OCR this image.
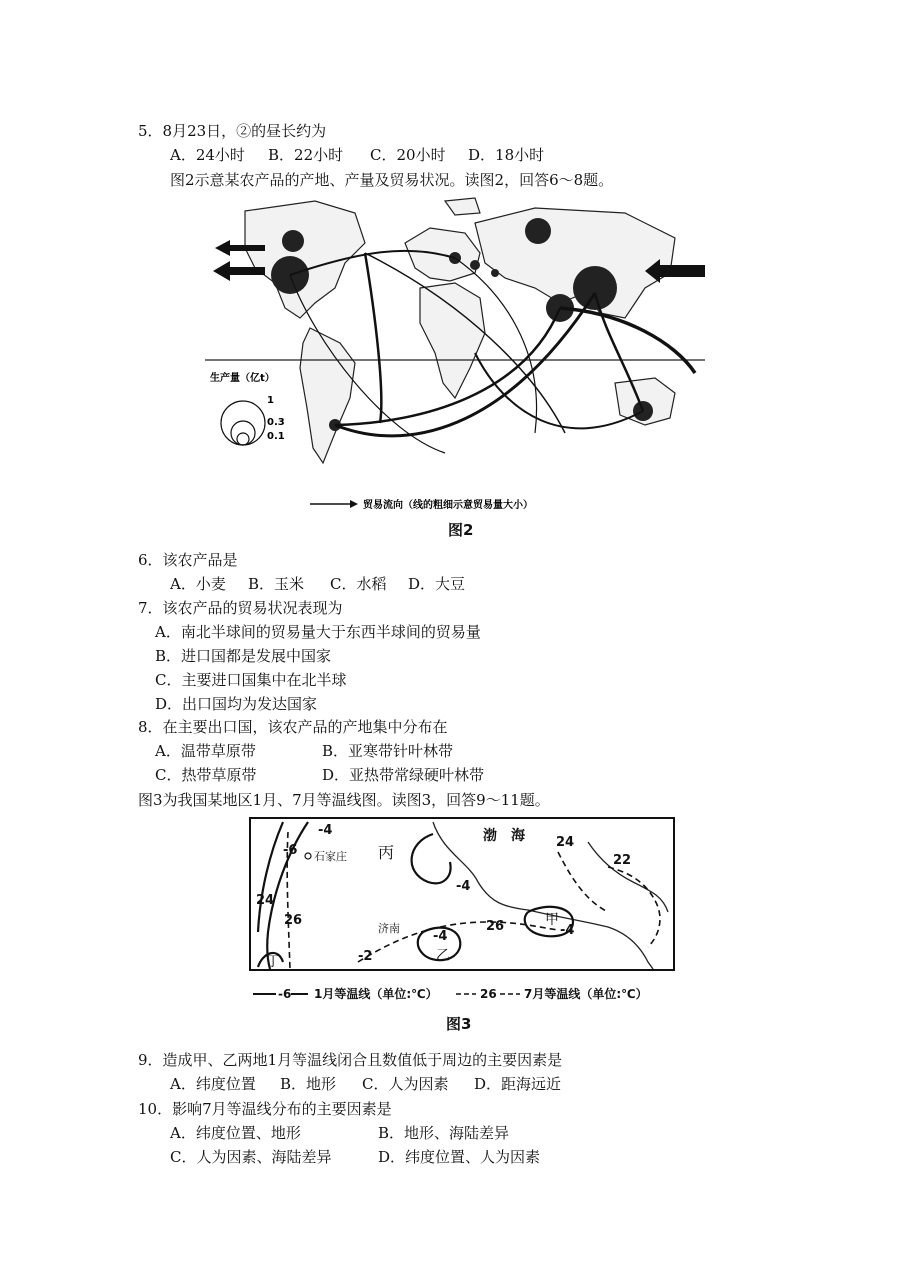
5．8月23日，②的昼长约为
A．24小时 B．22小时 C．20小时 D．18小时
图2示意某农产品的产地、产量及贸易状况。读图2，回答6～8题。
生产量（亿t）
1
0.3
0.1
贸易流向（线的粗细示意贸易量大小）
图2
6．该农产品是
A．小麦 B．玉米 C．水稻 D．大豆
7．该农产品的贸易状况表现为
A．南北半球间的贸易量大于东西半球间的贸易量
B．进口国都是发展中国家
C．主要进口国集中在北半球
D．出口国均为发达国家
8．在主要出口国，该农产品的产地集中分布在
A．温带草原带	B．亚寒带针叶林带
C．热带草原带	D．亚热带常绿硬叶林带
图3为我国某地区1月、7月等温线图。读图3，回答9～11题。
-4
-6
24
26
-4
-2
-4
26	-4
24
22
渤　海
石家庄 丙
济南
甲
乙
丁
-6 1月等温线（单位:℃）	26 7月等温线（单位:℃）
图3
9．造成甲、乙两地1月等温线闭合且数值低于周边的主要因素是
A．纬度位置 B．地形 C．人为因素 D．距海远近
10．影响7月等温线分布的主要因素是
A．纬度位置、地形	B．地形、海陆差异
C．人为因素、海陆差异	D．纬度位置、人为因素
